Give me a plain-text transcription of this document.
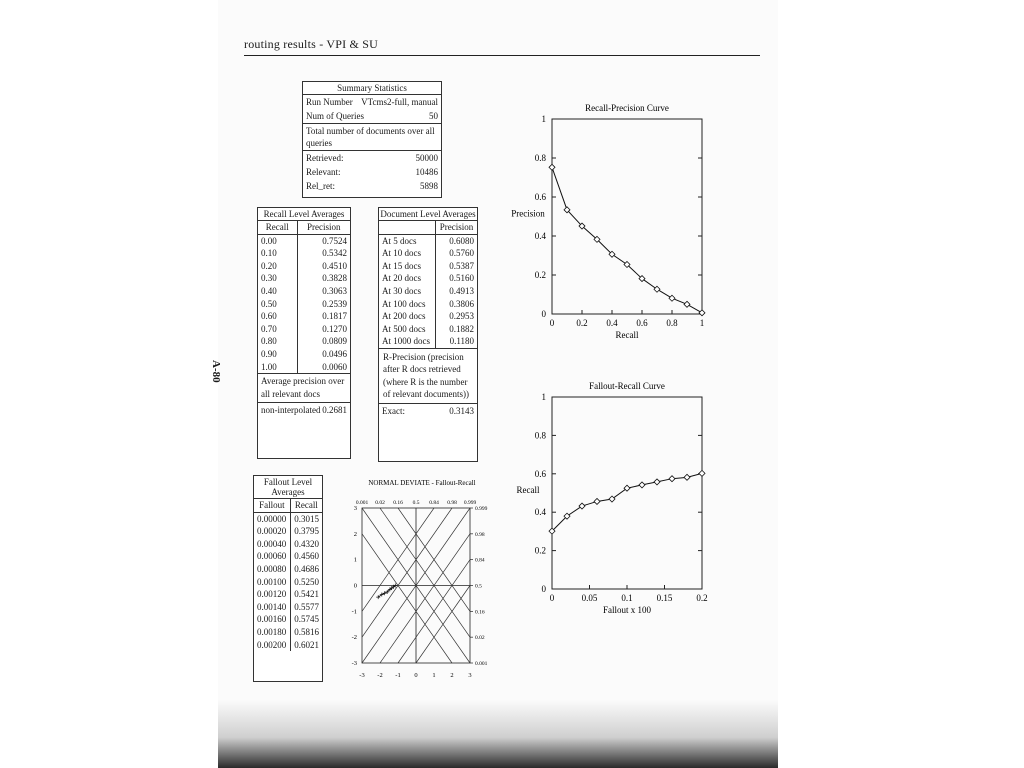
routing results - VPI & SU
A-80
Summary Statistics
Run Number VTcms2-full, manual
Num of Queries	50
Total number of documents over all queries
Retrieved:	50000
Relevant:	10486
Rel_ret:	5898
Recall Level Averages
Recall	Precision
0.00	0.7524
0.10	0.5342
0.20	0.4510
0.30	0.3828
0.40	0.3063
0.50	0.2539
0.60	0.1817
0.70	0.1270
0.80	0.0809
0.90	0.0496
1.00	0.0060
Average precision over all relevant docs
non-interpolated 0.2681
Document Level Averages
	Precision
At 5 docs	0.6080
At 10 docs	0.5760
At 15 docs	0.5387
At 20 docs	0.5160
At 30 docs	0.4913
At 100 docs	0.3806
At 200 docs	0.2953
At 500 docs	0.1882
At 1000 docs	0.1180
R-Precision (precision after R docs retrieved (where R is the number of relevant documents))
Exact:	0.3143
Fallout Level Averages
Fallout	Recall
0.00000	0.3015
0.00020	0.3795
0.00040	0.4320
0.00060	0.4560
0.00080	0.4686
0.00100	0.5250
0.00120	0.5421
0.00140	0.5577
0.00160	0.5745
0.00180	0.5816
0.00200	0.6021
Recall-Precision Curve
0 0.2 0.4 0.6 0.8 1
0
0.2
0.4
0.6
0.8
1
Recall
Precision
Fallout-Recall Curve
0	0.05	0.1	0.15	0.2
0
0.2
0.4
0.6
0.8
1
Fallout x 100
Recall
NORMAL DEVIATE - Fallout-Recall
-3 -2 -1 0 1 2 3
-3
-2
-1
0
1
2
3
0.001 0.02 0.16 0.5 0.84 0.98 0.999
0.999
0.98
0.84
0.5
0.16
0.02
0.001
